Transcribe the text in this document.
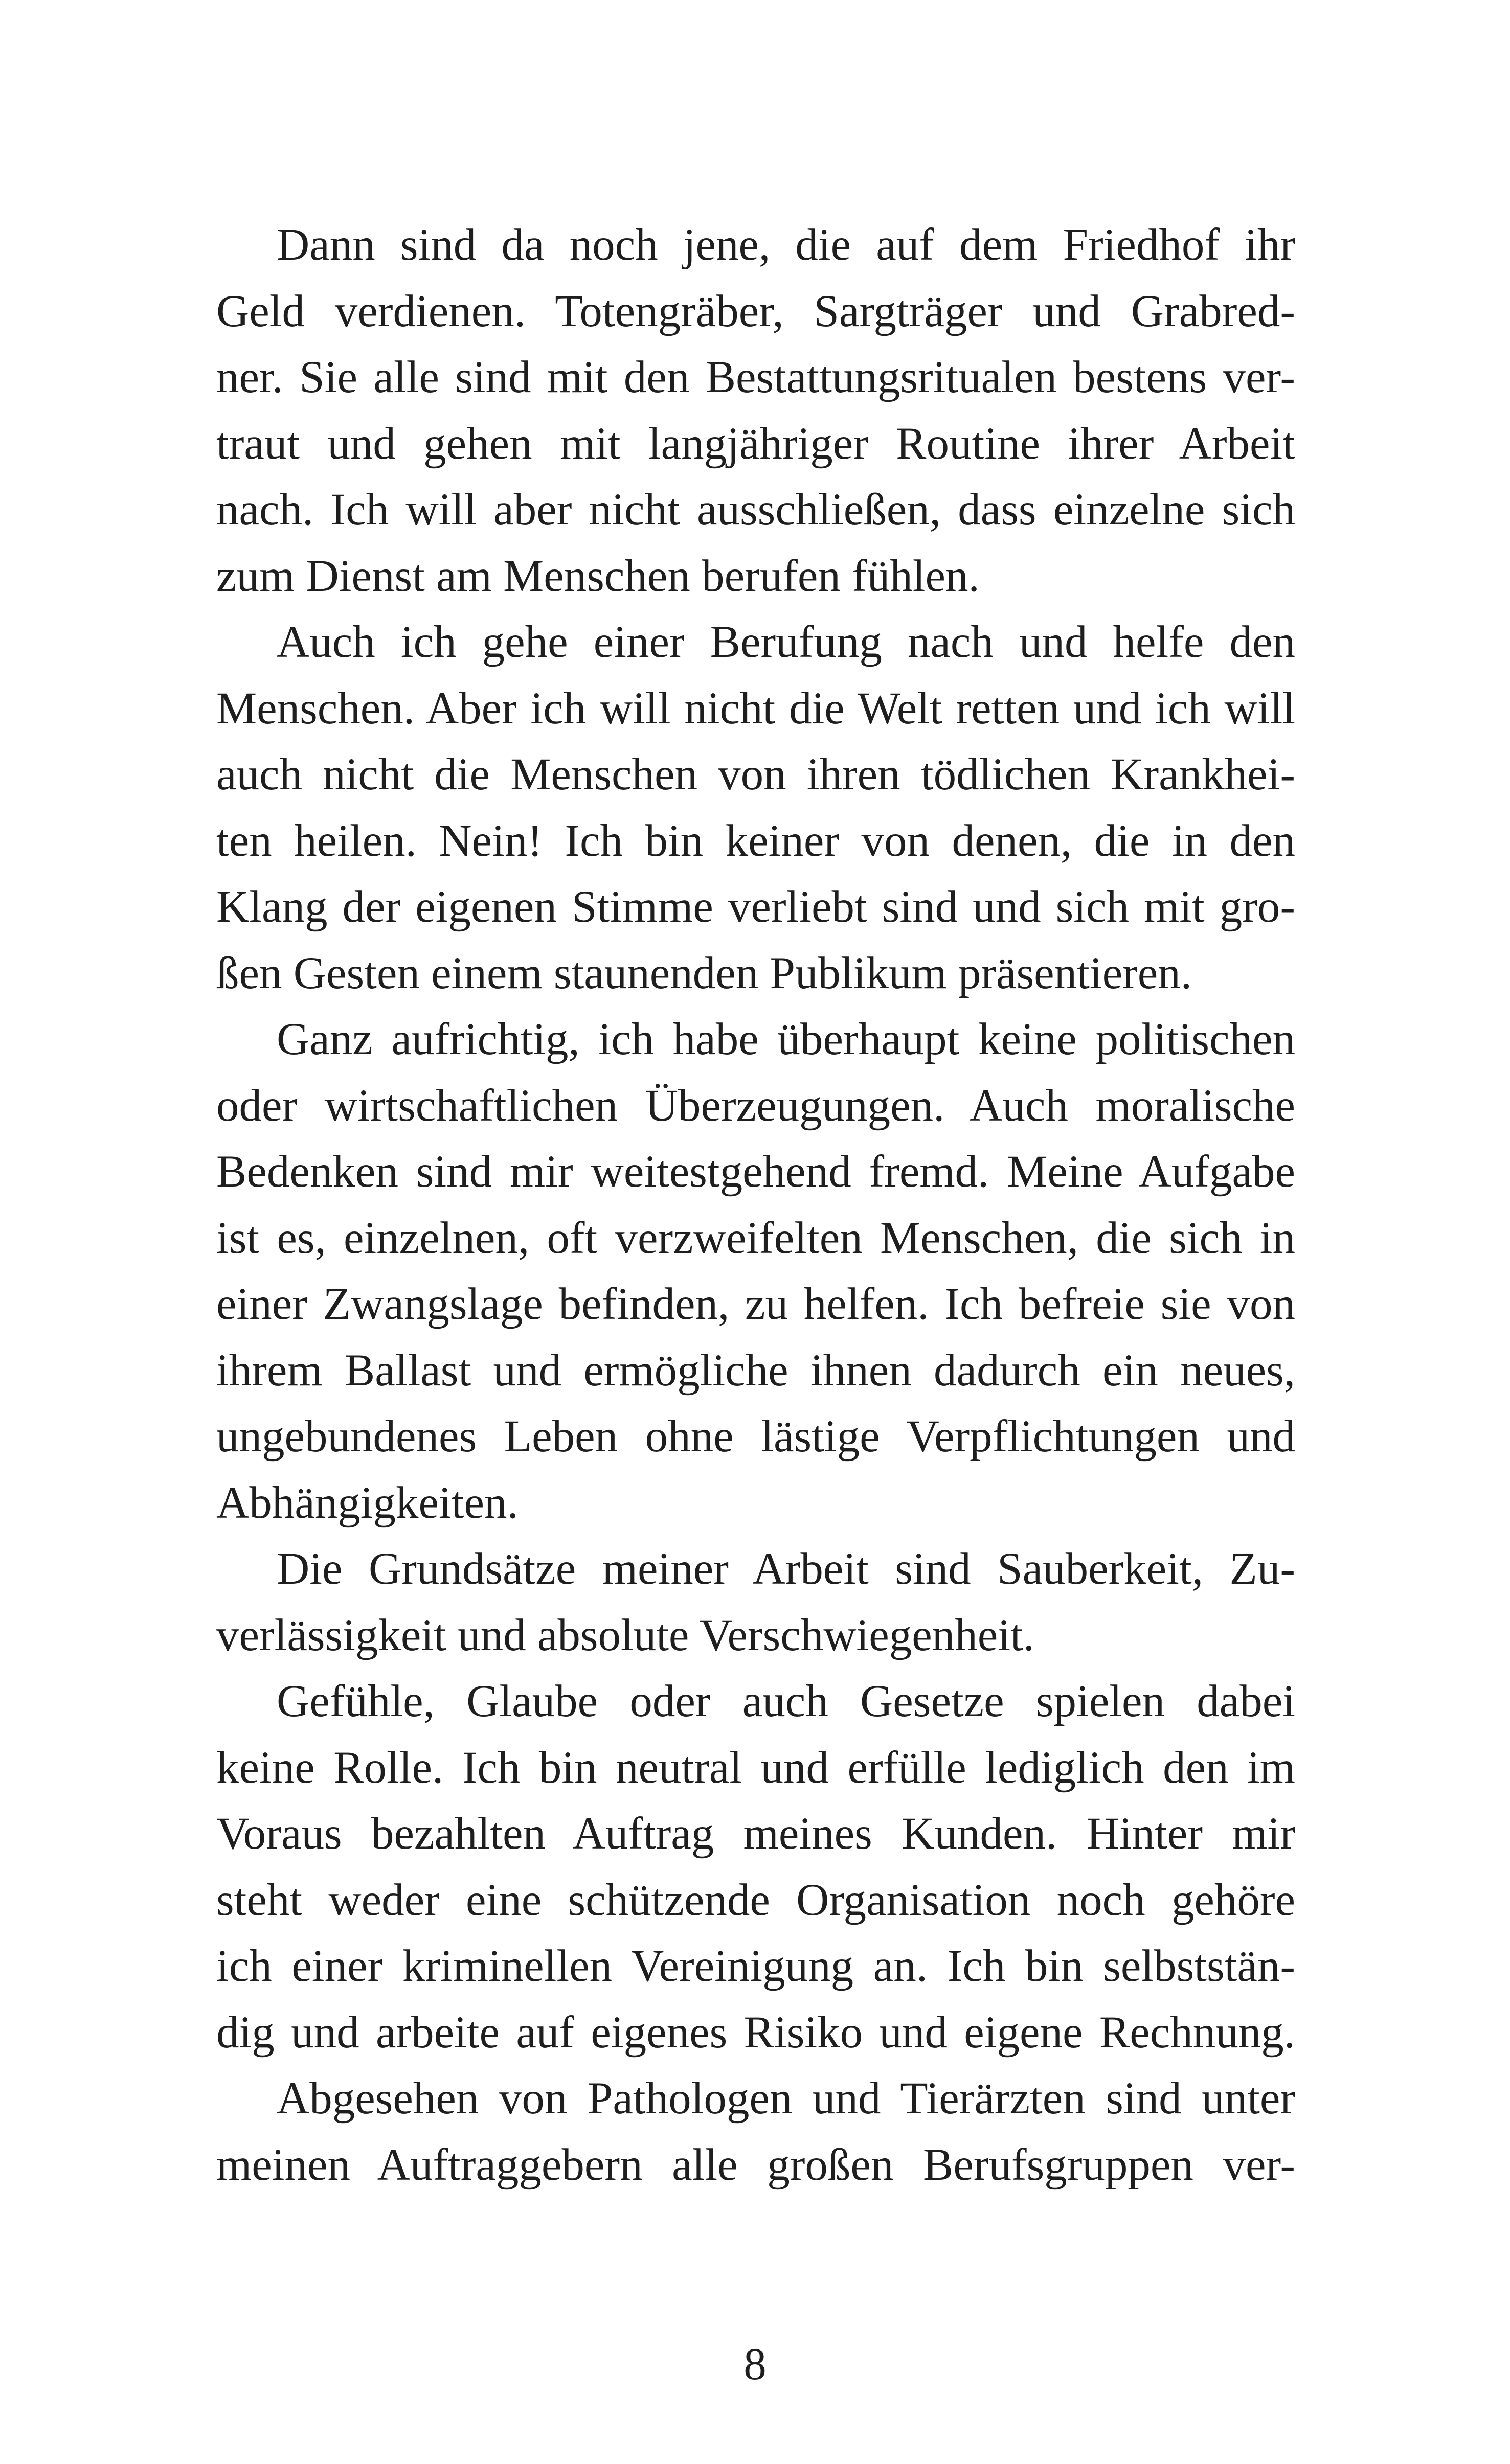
Dann sind da noch jene, die auf dem Friedhof ihr
Geld verdienen. Totengräber, Sargträger und Grabred-
ner. Sie alle sind mit den Bestattungsritualen bestens ver-
traut und gehen mit langjähriger Routine ihrer Arbeit
nach. Ich will aber nicht ausschließen, dass einzelne sich
zum Dienst am Menschen berufen fühlen.
Auch ich gehe einer Berufung nach und helfe den
Menschen. Aber ich will nicht die Welt retten und ich will
auch nicht die Menschen von ihren tödlichen Krankhei-
ten heilen. Nein! Ich bin keiner von denen, die in den
Klang der eigenen Stimme verliebt sind und sich mit gro-
ßen Gesten einem staunenden Publikum präsentieren.
Ganz aufrichtig, ich habe überhaupt keine politischen
oder wirtschaftlichen Überzeugungen. Auch moralische
Bedenken sind mir weitestgehend fremd. Meine Aufgabe
ist es, einzelnen, oft verzweifelten Menschen, die sich in
einer Zwangslage befinden, zu helfen. Ich befreie sie von
ihrem Ballast und ermögliche ihnen dadurch ein neues,
ungebundenes Leben ohne lästige Verpflichtungen und
Abhängigkeiten.
Die Grundsätze meiner Arbeit sind Sauberkeit, Zu-
verlässigkeit und absolute Verschwiegenheit.
Gefühle, Glaube oder auch Gesetze spielen dabei
keine Rolle. Ich bin neutral und erfülle lediglich den im
Voraus bezahlten Auftrag meines Kunden. Hinter mir
steht weder eine schützende Organisation noch gehöre
ich einer kriminellen Vereinigung an. Ich bin selbststän-
dig und arbeite auf eigenes Risiko und eigene Rechnung.
Abgesehen von Pathologen und Tierärzten sind unter
meinen Auftraggebern alle großen Berufsgruppen ver-
8
